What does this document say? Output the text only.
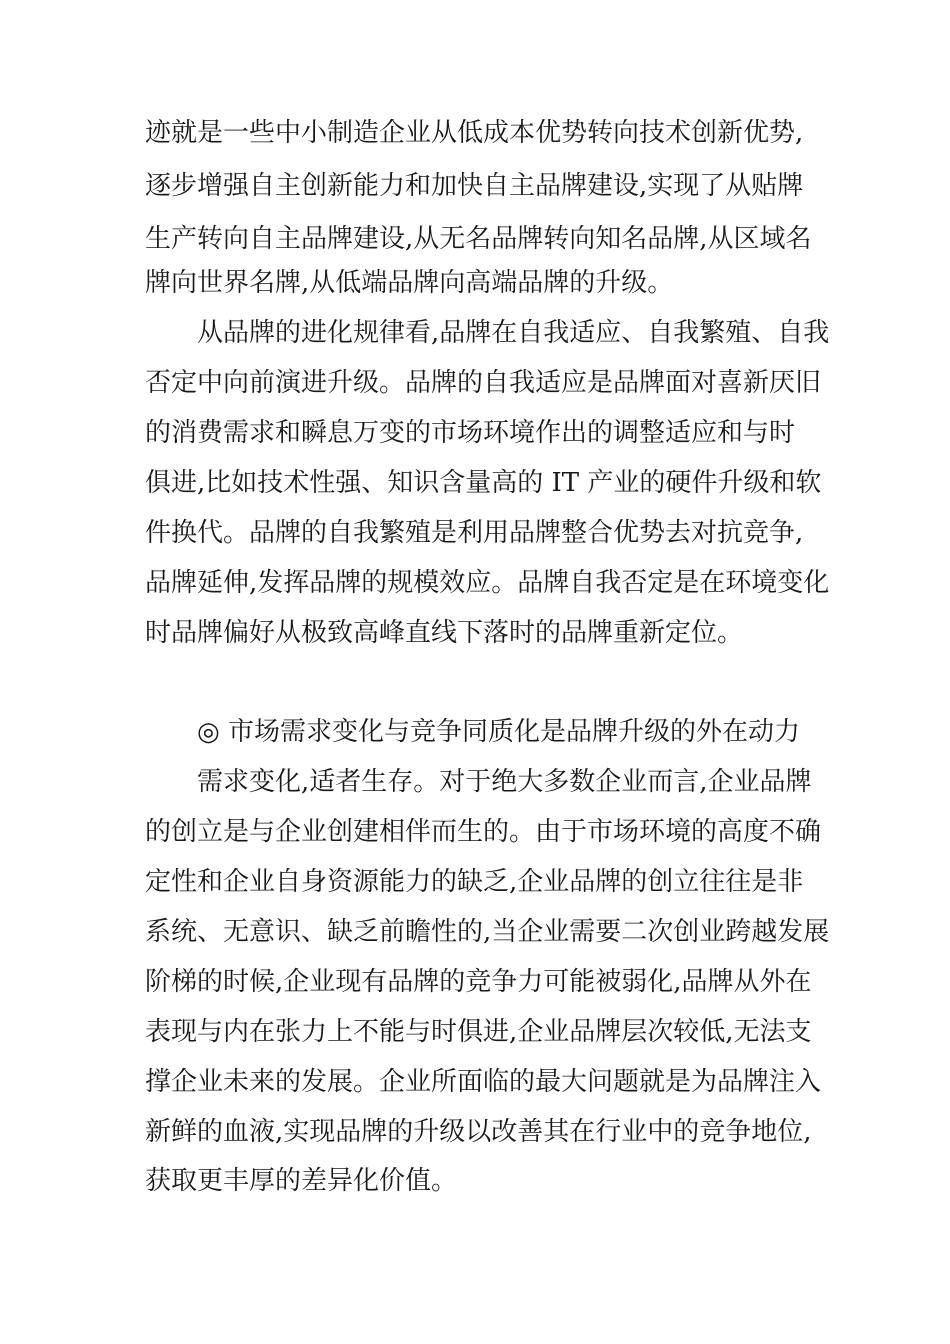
迹就是一些中小制造企业从低成本优势转向技术创新优势,
逐步增强自主创新能力和加快自主品牌建设,实现了从贴牌
生产转向自主品牌建设,从无名品牌转向知名品牌,从区域名
牌向世界名牌,从低端品牌向高端品牌的升级。
从品牌的进化规律看,品牌在自我适应、自我繁殖、自我
否定中向前演进升级。品牌的自我适应是品牌面对喜新厌旧
的消费需求和瞬息万变的市场环境作出的调整适应和与时
俱进,比如技术性强、知识含量高的 IT 产业的硬件升级和软
件换代。品牌的自我繁殖是利用品牌整合优势去对抗竞争,
品牌延伸,发挥品牌的规模效应。品牌自我否定是在环境变化
时品牌偏好从极致高峰直线下落时的品牌重新定位。
◎ 市场需求变化与竞争同质化是品牌升级的外在动力
需求变化,适者生存。对于绝大多数企业而言,企业品牌
的创立是与企业创建相伴而生的。由于市场环境的高度不确
定性和企业自身资源能力的缺乏,企业品牌的创立往往是非
系统、无意识、缺乏前瞻性的,当企业需要二次创业跨越发展
阶梯的时候,企业现有品牌的竞争力可能被弱化,品牌从外在
表现与内在张力上不能与时俱进,企业品牌层次较低,无法支
撑企业未来的发展。企业所面临的最大问题就是为品牌注入
新鲜的血液,实现品牌的升级以改善其在行业中的竞争地位,
获取更丰厚的差异化价值。
